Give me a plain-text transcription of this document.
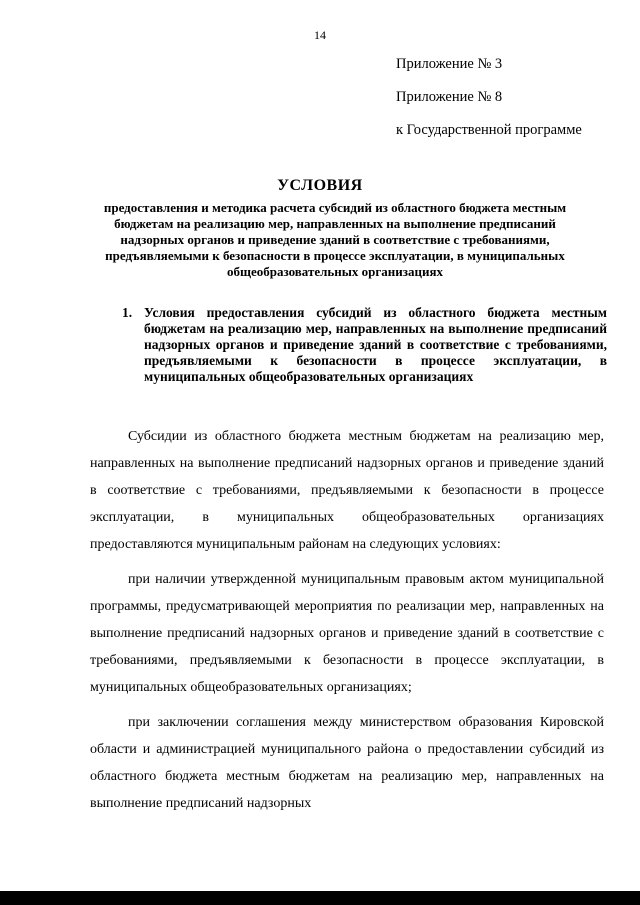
14
Приложение № 3
Приложение № 8
к Государственной программе
УСЛОВИЯ
предоставления и методика расчета субсидий из областного бюджета местным бюджетам на реализацию мер, направленных на выполнение предписаний надзорных органов и приведение зданий в соответствие с требованиями, предъявляемыми к безопасности в процессе эксплуатации, в муниципальных общеобразовательных организациях
1. Условия предоставления субсидий из областного бюджета местным бюджетам на реализацию мер, направленных на выполнение предписаний надзорных органов и приведение зданий в соответствие с требованиями, предъявляемыми к безопасности в процессе эксплуатации, в муниципальных общеобразовательных организациях

Субсидии из областного бюджета местным бюджетам на реализацию мер, направленных на выполнение предписаний надзорных органов и приведение зданий в соответствие с требованиями, предъявляемыми к безопасности в процессе эксплуатации, в муниципальных общеобразовательных организациях предоставляются муниципальным районам на следующих условиях:

при наличии утвержденной муниципальным правовым актом муниципальной программы, предусматривающей мероприятия по реализации мер, направленных на выполнение предписаний надзорных органов и приведение зданий в соответствие с требованиями, предъявляемыми к безопасности в процессе эксплуатации, в муниципальных общеобразовательных организациях;

при заключении соглашения между министерством образования Кировской области и администрацией муниципального района о предоставлении субсидий из областного бюджета местным бюджетам на реализацию мер, направленных на выполнение предписаний надзорных
